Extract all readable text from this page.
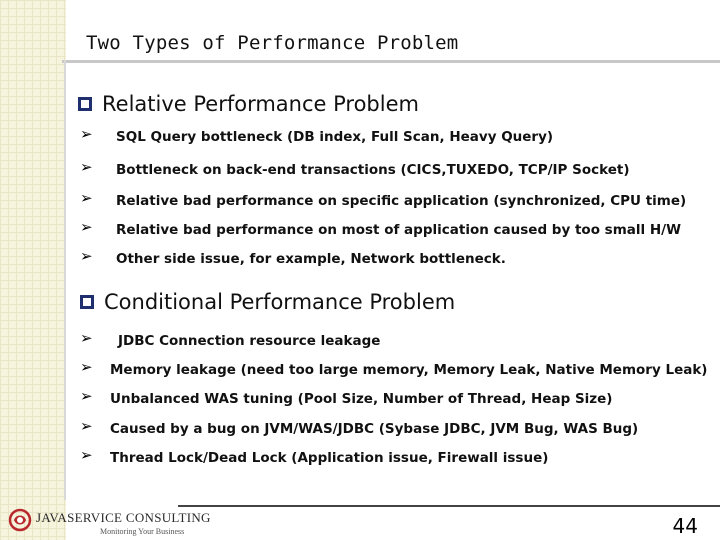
Two Types of Performance Problem
Relative Performance Problem
➢ SQL Query bottleneck (DB index, Full Scan, Heavy Query)
➢ Bottleneck on back-end transactions (CICS,TUXEDO, TCP/IP Socket)
➢ Relative bad performance on specific application (synchronized, CPU time)
➢ Relative bad performance on most of application caused by too small H/W
➢ Other side issue, for example, Network bottleneck.
Conditional Performance Problem
➢ JDBC Connection resource leakage
➢ Memory leakage (need too large memory, Memory Leak, Native Memory Leak)
➢ Unbalanced WAS tuning (Pool Size, Number of Thread, Heap Size)
➢ Caused by a bug on JVM/WAS/JDBC (Sybase JDBC, JVM Bug, WAS Bug)
➢ Thread Lock/Dead Lock (Application issue, Firewall issue)
JAVASERVICE CONSULTING
Monitoring Your Business	44
